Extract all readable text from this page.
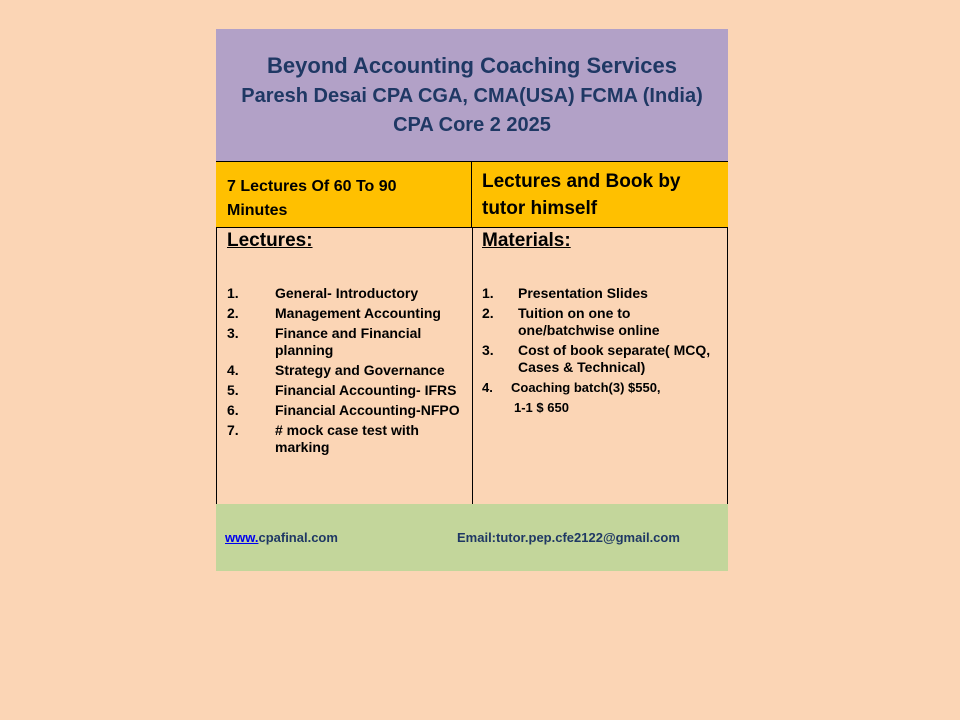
Beyond Accounting Coaching Services
Paresh Desai CPA CGA, CMA(USA) FCMA (India)
CPA Core 2 2025
7 Lectures Of 60 To 90 Minutes
Lectures and Book by tutor himself
Lectures:
1.	General- Introductory
2.	Management Accounting
3.	Finance and Financial planning
4.	Strategy and Governance
5.	Financial Accounting- IFRS
6.	Financial Accounting-NFPO
7.	# mock case test with marking
Materials:
1. Presentation Slides
2. Tuition on one to one/batchwise online
3. Cost of book separate( MCQ, Cases & Technical)
4. Coaching batch(3) $550,
1-1 $ 650
www.cpafinal.com	Email:tutor.pep.cfe2122@gmail.com
